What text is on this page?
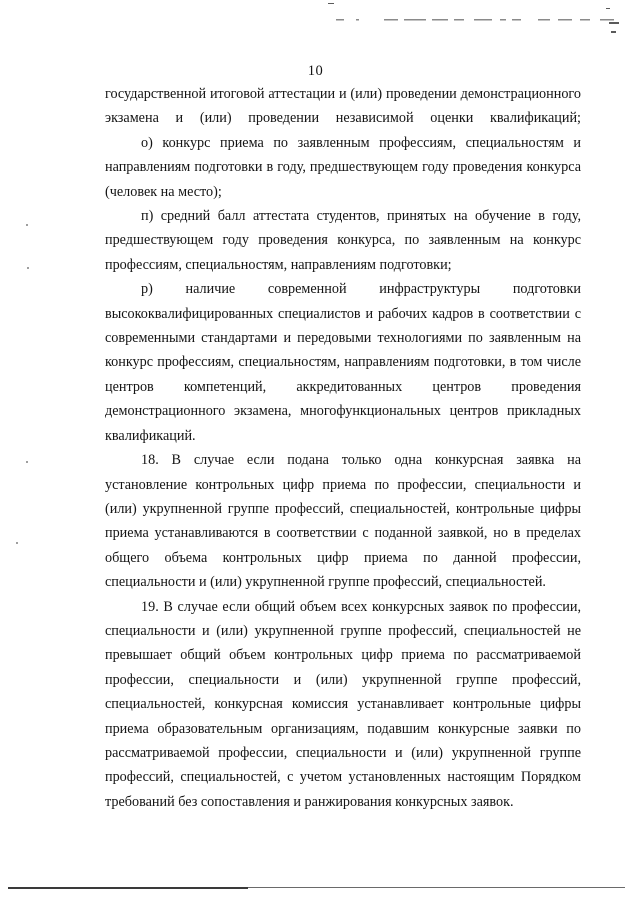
10

государственной итоговой аттестации и (или) проведении демонстрационного экзамена и (или) проведении независимой оценки квалификаций;

о) конкурс приема по заявленным профессиям, специальностям и направлениям подготовки в году, предшествующем году проведения конкурса (человек на место);

п) средний балл аттестата студентов, принятых на обучение в году, предшествующем году проведения конкурса, по заявленным на конкурс профессиям, специальностям, направлениям подготовки;

р) наличие современной инфраструктуры подготовки высококвалифицированных специалистов и рабочих кадров в соответствии с современными стандартами и передовыми технологиями по заявленным на конкурс профессиям, специальностям, направлениям подготовки, в том числе центров компетенций, аккредитованных центров проведения демонстрационного экзамена, многофункциональных центров прикладных квалификаций.

18. В случае если подана только одна конкурсная заявка на установление контрольных цифр приема по профессии, специальности и (или) укрупненной группе профессий, специальностей, контрольные цифры приема устанавливаются в соответствии с поданной заявкой, но в пределах общего объема контрольных цифр приема по данной профессии, специальности и (или) укрупненной группе профессий, специальностей.

19. В случае если общий объем всех конкурсных заявок по профессии, специальности и (или) укрупненной группе профессий, специальностей не превышает общий объем контрольных цифр приема по рассматриваемой профессии, специальности и (или) укрупненной группе профессий, специальностей, конкурсная комиссия устанавливает контрольные цифры приема образовательным организациям, подавшим конкурсные заявки по рассматриваемой профессии, специальности и (или) укрупненной группе профессий, специальностей, с учетом установленных настоящим Порядком требований без сопоставления и ранжирования конкурсных заявок.
